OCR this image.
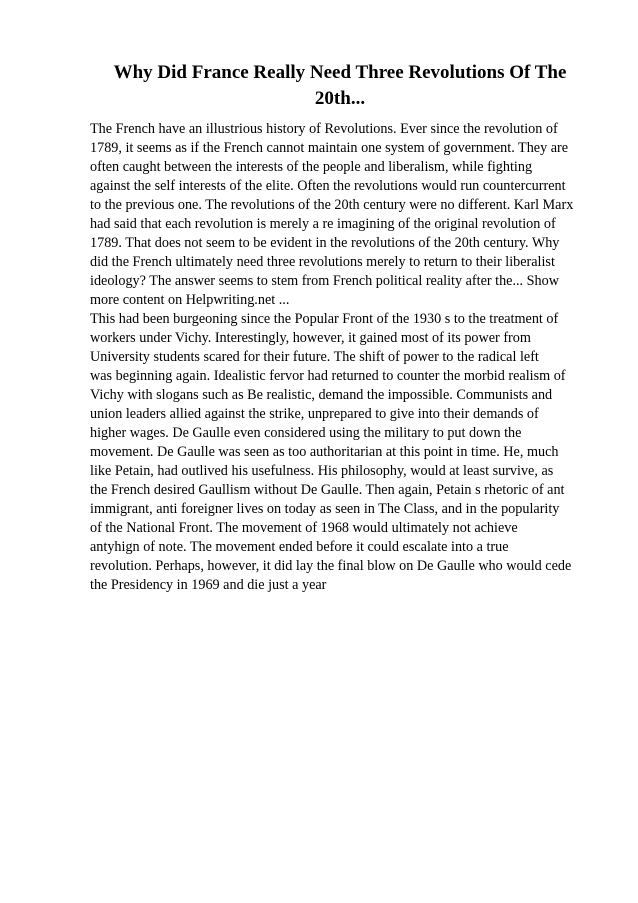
Why Did France Really Need Three Revolutions Of The
20th...
The French have an illustrious history of Revolutions. Ever since the revolution of
1789, it seems as if the French cannot maintain one system of government. They are
often caught between the interests of the people and liberalism, while fighting
against the self interests of the elite. Often the revolutions would run countercurrent
to the previous one. The revolutions of the 20th century were no different. Karl Marx
had said that each revolution is merely a re imagining of the original revolution of
1789. That does not seem to be evident in the revolutions of the 20th century. Why
did the French ultimately need three revolutions merely to return to their liberalist
ideology? The answer seems to stem from French political reality after the... Show
more content on Helpwriting.net ...
This had been burgeoning since the Popular Front of the 1930 s to the treatment of
workers under Vichy. Interestingly, however, it gained most of its power from
University students scared for their future. The shift of power to the radical left
was beginning again. Idealistic fervor had returned to counter the morbid realism of
Vichy with slogans such as Be realistic, demand the impossible. Communists and
union leaders allied against the strike, unprepared to give into their demands of
higher wages. De Gaulle even considered using the military to put down the
movement. De Gaulle was seen as too authoritarian at this point in time. He, much
like Petain, had outlived his usefulness. His philosophy, would at least survive, as
the French desired Gaullism without De Gaulle. Then again, Petain s rhetoric of ant
immigrant, anti foreigner lives on today as seen in The Class, and in the popularity
of the National Front. The movement of 1968 would ultimately not achieve
antyhign of note. The movement ended before it could escalate into a true
revolution. Perhaps, however, it did lay the final blow on De Gaulle who would cede
the Presidency in 1969 and die just a year
